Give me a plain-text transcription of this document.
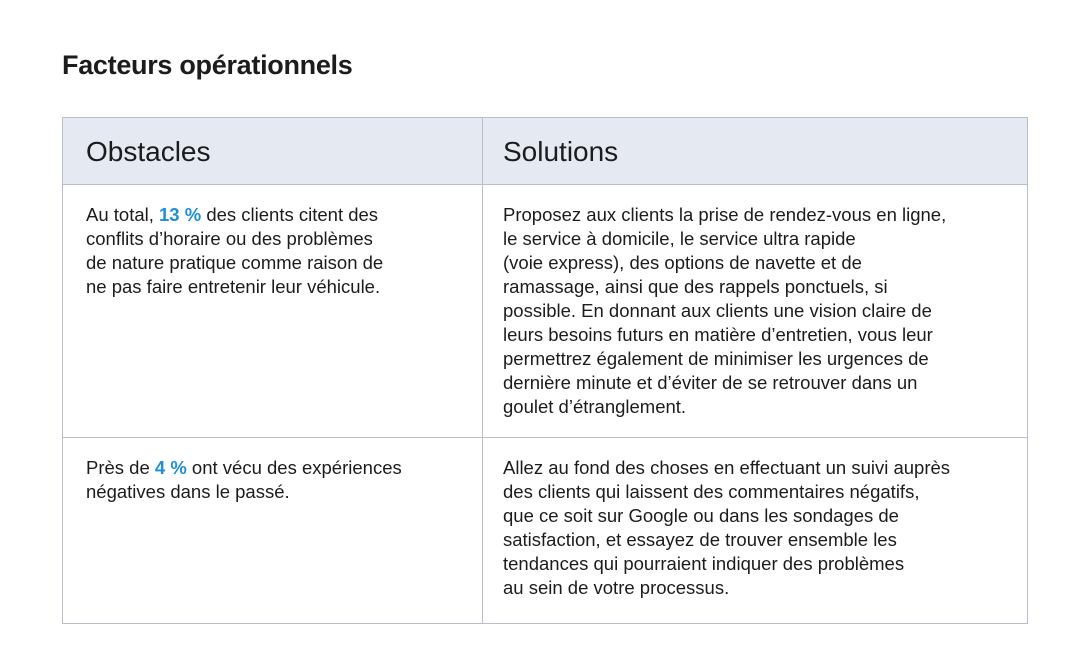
Facteurs opérationnels
Obstacles	Solutions
Au total, 13 % des clients citent des
conflits d’horaire ou des problèmes
de nature pratique comme raison de
ne pas faire entretenir leur véhicule.
Proposez aux clients la prise de rendez-vous en ligne,
le service à domicile, le service ultra rapide
(voie express), des options de navette et de
ramassage, ainsi que des rappels ponctuels, si
possible. En donnant aux clients une vision claire de
leurs besoins futurs en matière d’entretien, vous leur
permettrez également de minimiser les urgences de
dernière minute et d’éviter de se retrouver dans un
goulet d’étranglement.
Près de 4 % ont vécu des expériences
négatives dans le passé.
Allez au fond des choses en effectuant un suivi auprès
des clients qui laissent des commentaires négatifs,
que ce soit sur Google ou dans les sondages de
satisfaction, et essayez de trouver ensemble les
tendances qui pourraient indiquer des problèmes
au sein de votre processus.
